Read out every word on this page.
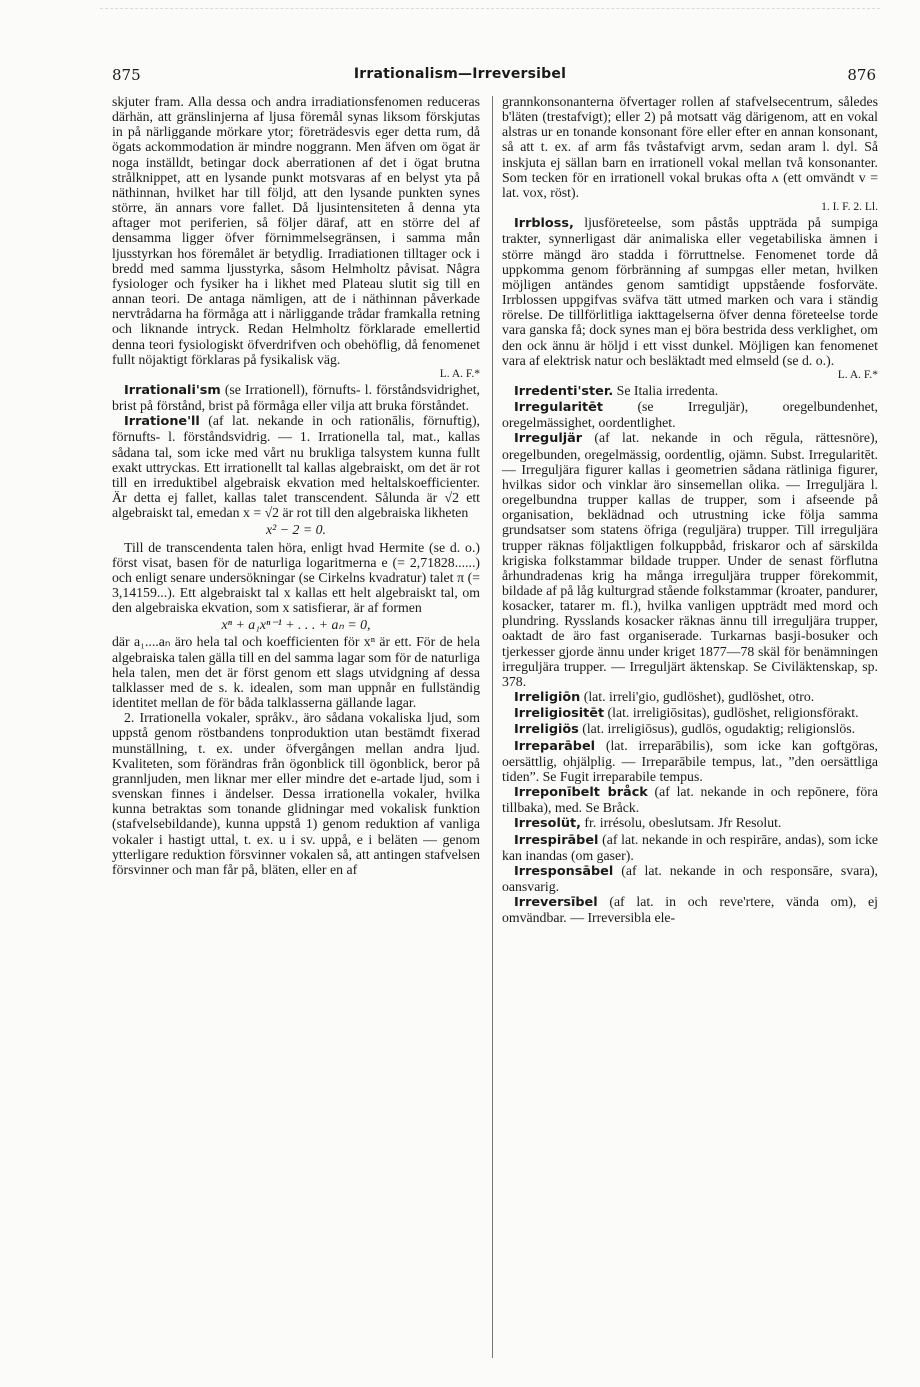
875	Irrationalism—Irreversibel	876

skjuter fram. Alla dessa och andra irradiationsfenomen reduceras därhän, att gränslinjerna af ljusa föremål synas liksom förskjutas in på närliggande mörkare ytor; företrädesvis eger detta rum, då ögats ackommodation är mindre noggrann. Men äfven om ögat är noga inställdt, betingar dock aberrationen af det i ögat brutna strålknippet, att en lysande punkt motsvaras af en belyst yta på näthinnan, hvilket har till följd, att den lysande punkten synes större, än annars vore fallet. Då ljusintensiteten å denna yta aftager mot periferien, så följer däraf, att en större del af densamma ligger öfver förnimmelsegränsen, i samma mån ljusstyrkan hos föremålet är betydlig. Irradiationen tilltager ock i bredd med samma ljusstyrka, såsom Helmholtz påvisat. Några fysiologer och fysiker ha i likhet med Plateau slutit sig till en annan teori. De antaga nämligen, att de i näthinnan påverkade nervtrådarna ha förmåga att i närliggande trådar framkalla retning och liknande intryck. Redan Helmholtz förklarade emellertid denna teori fysiologiskt öfverdrifven och obehöflig, då fenomenet fullt nöjaktigt förklaras på fysikalisk väg.

L. A. F.*

Irrationali'sm (se Irrationell), förnufts- l. förståndsvidrighet, brist på förstånd, brist på förmåga eller vilja att bruka förståndet.

Irratione'll (af lat. nekande in och rationālis, förnuftig), förnufts- l. förståndsvidrig. — 1. Irrationella tal, mat., kallas sådana tal, som icke med vårt nu brukliga talsystem kunna fullt exakt uttryckas. Ett irrationellt tal kallas algebraiskt, om det är rot till en irreduktibel algebraisk ekvation med heltalskoefficienter. Är detta ej fallet, kallas talet transcendent. Sålunda är √2 ett algebraiskt tal, emedan x = √2 är rot till den algebraiska likheten

x² − 2 = 0.

Till de transcendenta talen höra, enligt hvad Hermite (se d. o.) först visat, basen för de naturliga logaritmerna e (= 2,71828......) och enligt senare undersökningar (se Cirkelns kvadratur) talet π (= 3,14159...). Ett algebraiskt tal x kallas ett helt algebraiskt tal, om den algebraiska ekvation, som x satisfierar, är af formen

xⁿ + a₁xⁿ⁻¹ + . . . + aₙ = 0,

där a₁....aₙ äro hela tal och koefficienten för xⁿ är ett. För de hela algebraiska talen gälla till en del samma lagar som för de naturliga hela talen, men det är först genom ett slags utvidgning af dessa talklasser med de s. k. idealen, som man uppnår en fullständig identitet mellan de för båda talklasserna gällande lagar.

2. Irrationella vokaler, språkv., äro sådana vokaliska ljud, som uppstå genom röstbandens tonproduktion utan bestämdt fixerad munställning, t. ex. under öfvergången mellan andra ljud. Kvaliteten, som förändras från ögonblick till ögonblick, beror på grannljuden, men liknar mer eller mindre det e-artade ljud, som i svenskan finnes i ändelser. Dessa irrationella vokaler, hvilka kunna betraktas som tonande glidningar med vokalisk funktion (stafvelsebildande), kunna uppstå 1) genom reduktion af vanliga vokaler i hastigt uttal, t. ex. u i sv. uppå, e i beläten — genom ytterligare reduktion försvinner vokalen så, att antingen stafvelsen försvinner och man får på, bläten, eller en af

grannkonsonanterna öfvertager rollen af stafvelsecentrum, således b'läten (trestafvigt); eller 2) på motsatt väg därigenom, att en vokal alstras ur en tonande konsonant före eller efter en annan konsonant, så att t. ex. af arm fås tvåstafvigt arvm, sedan aram l. dyl. Så inskjuta ej sällan barn en irrationell vokal mellan två konsonanter. Som tecken för en irrationell vokal brukas ofta ʌ (ett omvändt v = lat. vox, röst).

1. I. F. 2. Ll.

Irrbloss, ljusföreteelse, som påstås uppträda på sumpiga trakter, synnerligast där animaliska eller vegetabiliska ämnen i större mängd äro stadda i förruttnelse. Fenomenet torde då uppkomma genom förbränning af sumpgas eller metan, hvilken möjligen antändes genom samtidigt uppstående fosforväte. Irrblossen uppgifvas sväfva tätt utmed marken och vara i ständig rörelse. De tillförlitliga iakttagelserna öfver denna företeelse torde vara ganska få; dock synes man ej böra bestrida dess verklighet, om den ock ännu är höljd i ett visst dunkel. Möjligen kan fenomenet vara af elektrisk natur och besläktadt med elmseld (se d. o.).

L. A. F.*

Irredenti'ster. Se Italia irredenta.

Irregularitēt (se Irreguljär), oregelbundenhet, oregelmässighet, oordentlighet.

Irreguljär (af lat. nekande in och rēgula, rättesnöre), oregelbunden, oregelmässig, oordentlig, ojämn. Subst. Irregularitēt. — Irreguljära figurer kallas i geometrien sådana rätliniga figurer, hvilkas sidor och vinklar äro sinsemellan olika. — Irreguljära l. oregelbundna trupper kallas de trupper, som i afseende på organisation, beklädnad och utrustning icke följa samma grundsatser som statens öfriga (reguljära) trupper. Till irreguljära trupper räknas följaktligen folkuppbåd, friskaror och af särskilda krigiska folkstammar bildade trupper. Under de senast förflutna århundradenas krig ha många irreguljära trupper förekommit, bildade af på låg kulturgrad stående folkstammar (kroater, pandurer, kosacker, tatarer m. fl.), hvilka vanligen uppträdt med mord och plundring. Rysslands kosacker räknas ännu till irreguljära trupper, oaktadt de äro fast organiserade. Turkarnas basji-bosuker och tjerkesser gjorde ännu under kriget 1877—78 skäl för benämningen irreguljära trupper. — Irreguljärt äktenskap. Se Civiläktenskap, sp. 378.

Irreligiōn (lat. irreli'gio, gudlöshet), gudlöshet, otro.

Irreligiositēt (lat. irreligiōsitas), gudlöshet, religionsförakt.

Irreligiös (lat. irreligiōsus), gudlös, ogudaktig; religionslös.

Irreparābel (lat. irreparābilis), som icke kan goftgöras, oersättlig, ohjälplig. — Irreparābile tempus, lat., ”den oersättliga tiden”. Se Fugit irreparabile tempus.

Irreponībelt bråck (af lat. nekande in och repōnere, föra tillbaka), med. Se Bråck.

Irresolüt, fr. irrésolu, obeslutsam. Jfr Resolut.

Irrespirābel (af lat. nekande in och respirāre, andas), som icke kan inandas (om gaser).

Irresponsābel (af lat. nekande in och responsāre, svara), oansvarig.

Irreversībel (af lat. in och reve'rtere, vända om), ej omvändbar. — Irreversibla ele-
